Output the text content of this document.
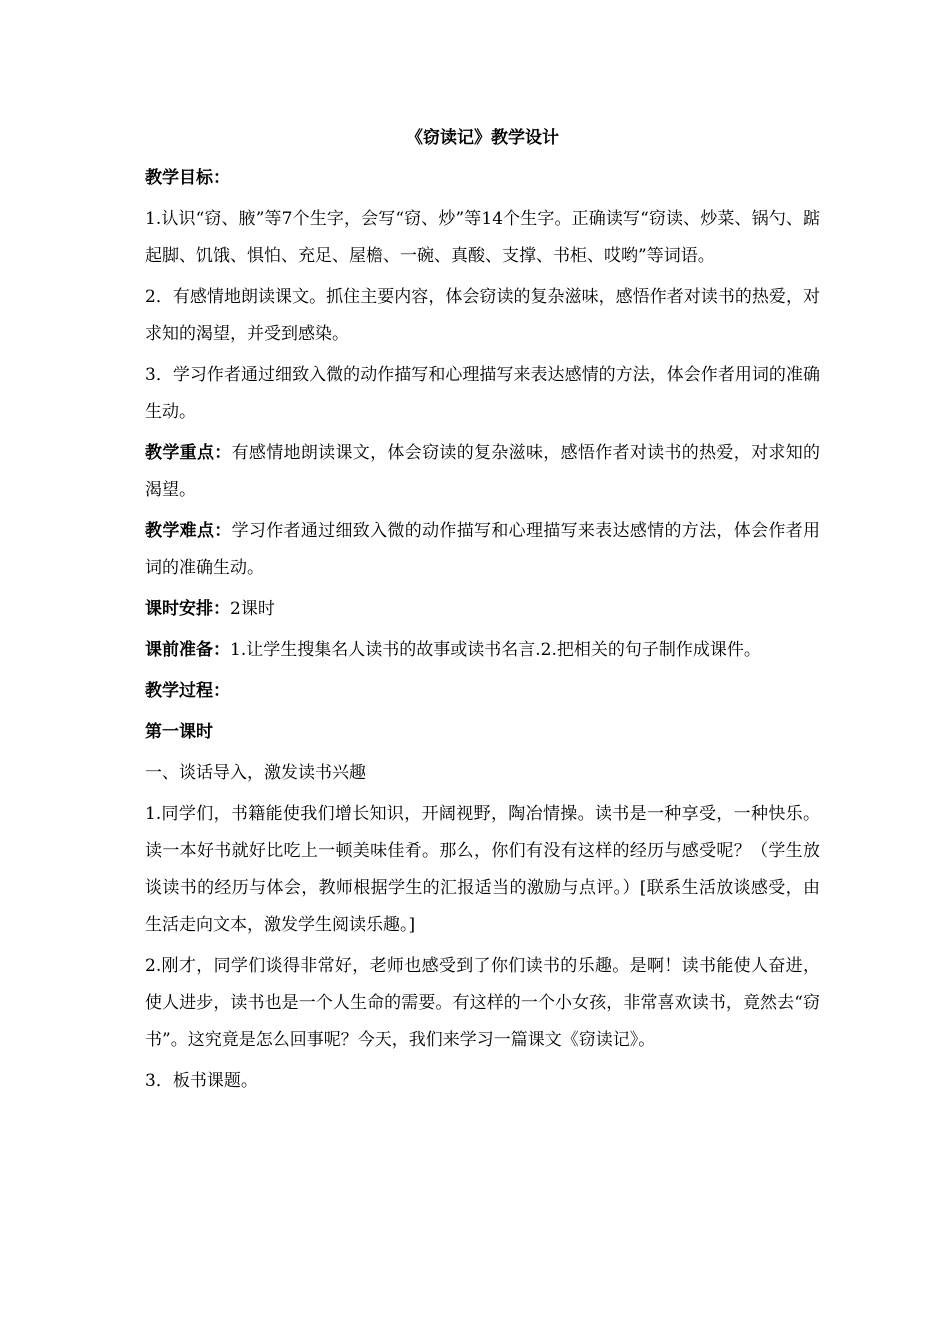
《窃读记》教学设计

教学目标：

1.认识“窃、腋”等7个生字，会写“窃、炒”等14个生字。正确读写“窃读、炒菜、锅勺、踮起脚、饥饿、惧怕、充足、屋檐、一碗、真酸、支撑、书柜、哎哟”等词语。

2．有感情地朗读课文。抓住主要内容，体会窃读的复杂滋味，感悟作者对读书的热爱，对求知的渴望，并受到感染。

3．学习作者通过细致入微的动作描写和心理描写来表达感情的方法，体会作者用词的准确生动。

教学重点：有感情地朗读课文，体会窃读的复杂滋味，感悟作者对读书的热爱，对求知的渴望。

教学难点：学习作者通过细致入微的动作描写和心理描写来表达感情的方法，体会作者用词的准确生动。

课时安排：2课时

课前准备：1.让学生搜集名人读书的故事或读书名言.2.把相关的句子制作成课件。

教学过程：

第一课时

一、谈话导入，激发读书兴趣

1.同学们，书籍能使我们增长知识，开阔视野，陶冶情操。读书是一种享受，一种快乐。读一本好书就好比吃上一顿美味佳肴。那么，你们有没有这样的经历与感受呢？（学生放谈读书的经历与体会，教师根据学生的汇报适当的激励与点评。）[联系生活放谈感受，由生活走向文本，激发学生阅读乐趣。]

2.刚才，同学们谈得非常好，老师也感受到了你们读书的乐趣。是啊！读书能使人奋进，使人进步，读书也是一个人生命的需要。有这样的一个小女孩，非常喜欢读书，竟然去“窃书”。这究竟是怎么回事呢？今天，我们来学习一篇课文《窃读记》。

3．板书课题。
